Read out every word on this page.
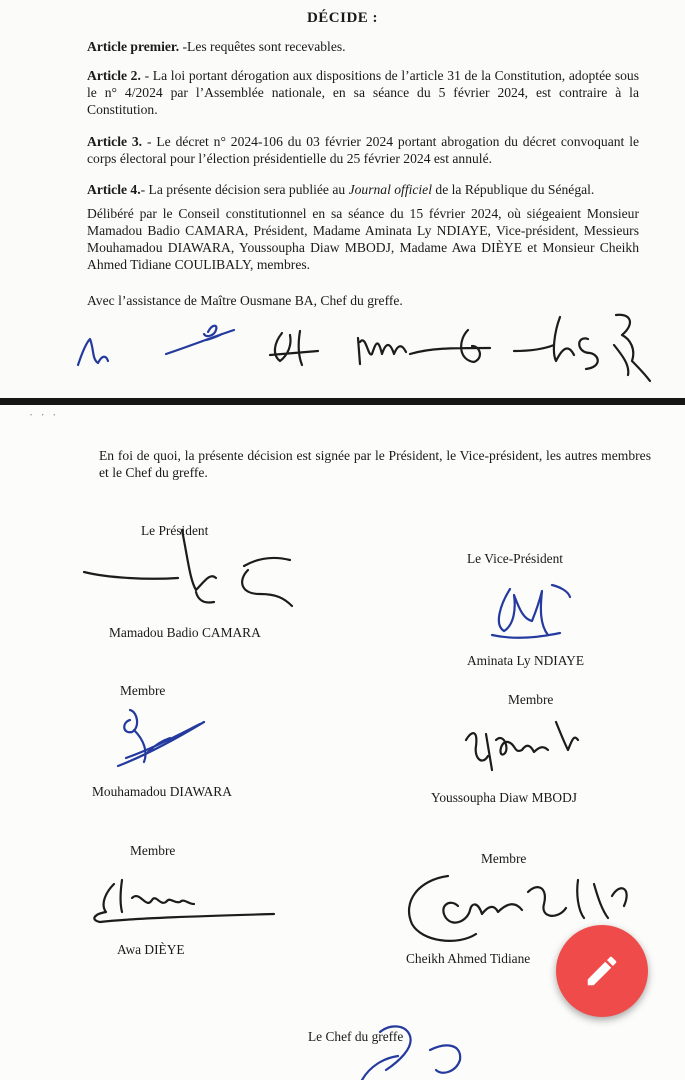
DÉCIDE :
Article premier. -Les requêtes sont recevables.
Article 2. - La loi portant dérogation aux dispositions de l’article 31 de la Constitution, adoptée sous le n° 4/2024 par l’Assemblée nationale, en sa séance du 5 février 2024, est contraire à la Constitution.
Article 3. - Le décret n° 2024-106 du 03 février 2024 portant abrogation du décret convoquant le corps électoral pour l’élection présidentielle du 25 février 2024 est annulé.
Article 4.- La présente décision sera publiée au Journal officiel de la République du Sénégal.
Délibéré par le Conseil constitutionnel en sa séance du 15 février 2024, où siégeaient Monsieur Mamadou Badio CAMARA, Président, Madame Aminata Ly NDIAYE, Vice-président, Messieurs Mouhamadou DIAWARA, Youssoupha Diaw MBODJ, Madame Awa DIÈYE et Monsieur Cheikh Ahmed Tidiane COULIBALY, membres.
Avec l’assistance de Maître Ousmane BA, Chef du greffe.
• • •
En foi de quoi, la présente décision est signée par le Président, le Vice-président, les autres membres et le Chef du greffe.
Le Président
Mamadou Badio CAMARA
Le Vice-Président
Aminata Ly NDIAYE
Membre
Mouhamadou DIAWARA
Membre
Youssoupha Diaw MBODJ
Membre
Awa DIÈYE
Membre
Cheikh Ahmed Tidiane
Le Chef du greffe
